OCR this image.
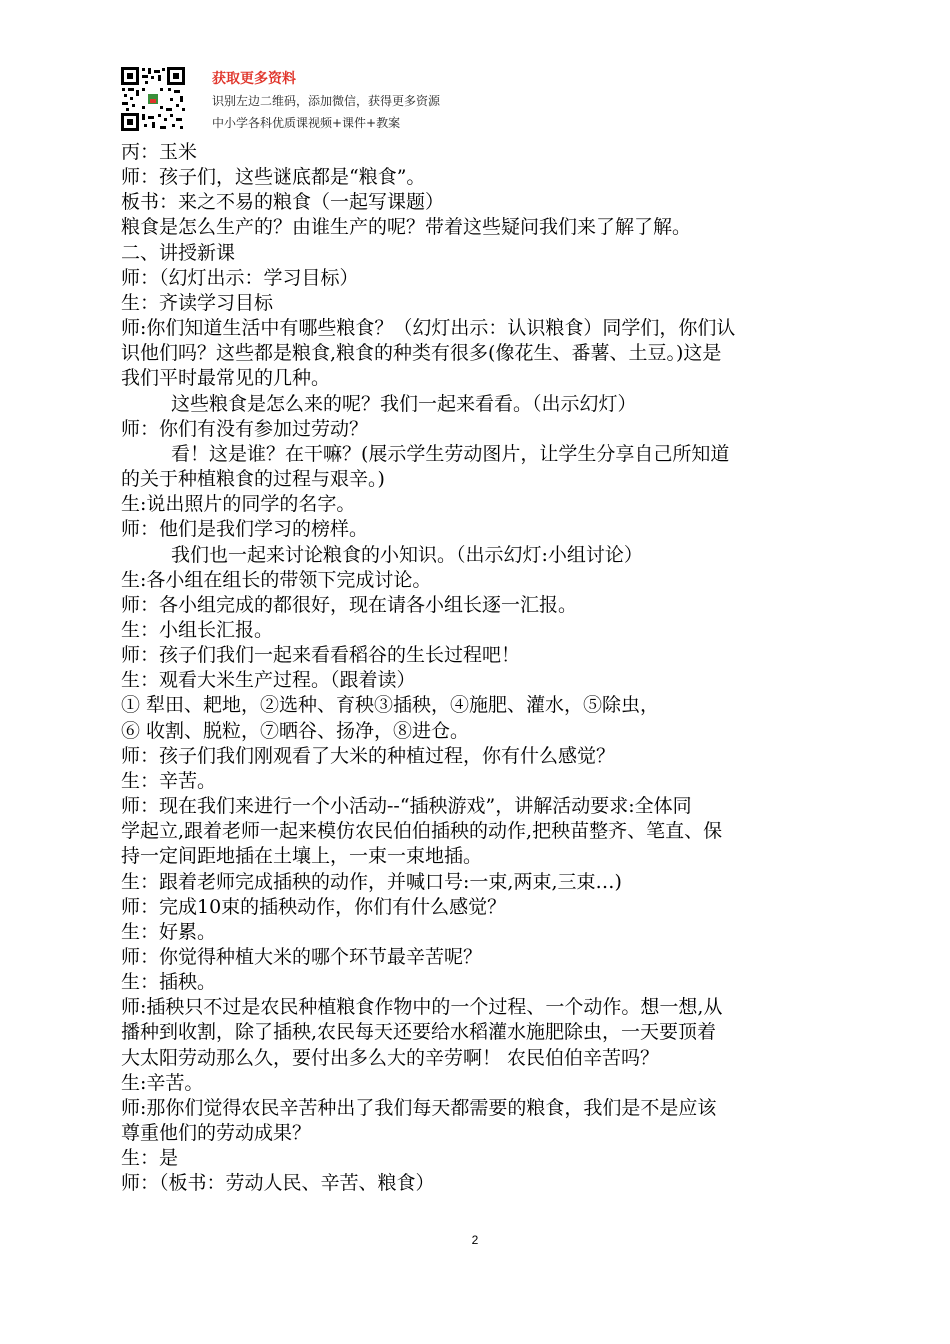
获取更多资料
识别左边二维码，添加微信，获得更多资源
中小学各科优质课视频+课件+教案

丙：玉米

师：孩子们，这些谜底都是“粮食”。

板书：来之不易的粮食（一起写课题）

粮食是怎么生产的？由谁生产的呢？带着这些疑问我们来了解了解。

二、讲授新课

师：（幻灯出示：学习目标）

生：齐读学习目标

师:你们知道生活中有哪些粮食？（幻灯出示：认识粮食）同学们，你们认

识他们吗？这些都是粮食,粮食的种类有很多(像花生、番薯、土豆。)这是

我们平时最常见的几种。

这些粮食是怎么来的呢？我们一起来看看。（出示幻灯）

师：你们有没有参加过劳动？

看！这是谁？在干嘛？(展示学生劳动图片，让学生分享自己所知道

的关于种植粮食的过程与艰辛。)

生:说出照片的同学的名字。

师：他们是我们学习的榜样。

我们也一起来讨论粮食的小知识。（出示幻灯:小组讨论）

生:各小组在组长的带领下完成讨论。

师：各小组完成的都很好，现在请各小组长逐一汇报。

生：小组长汇报。

师：孩子们我们一起来看看稻谷的生长过程吧！

生：观看大米生产过程。（跟着读）

① 犁田、耙地，②选种、育秧③插秧，④施肥、灌水，⑤除虫，

⑥ 收割、脱粒，⑦晒谷、扬净，⑧进仓。

师：孩子们我们刚观看了大米的种植过程，你有什么感觉？

生：辛苦。

师：现在我们来进行一个小活动--“插秧游戏”，讲解活动要求:全体同

学起立,跟着老师一起来模仿农民伯伯插秧的动作,把秧苗整齐、笔直、保

持一定间距地插在土壤上，一束一束地插。

生：跟着老师完成插秧的动作，并喊口号:一束,两束,三束…)

师：完成10束的插秧动作，你们有什么感觉？

生：好累。

师：你觉得种植大米的哪个环节最辛苦呢？

生：插秧。

师:插秧只不过是农民种植粮食作物中的一个过程、一个动作。想一想,从

播种到收割，除了插秧,农民每天还要给水稻灌水施肥除虫，一天要顶着

大太阳劳动那么久，要付出多么大的辛劳啊！ 农民伯伯辛苦吗？

生:辛苦。

师:那你们觉得农民辛苦种出了我们每天都需要的粮食，我们是不是应该

尊重他们的劳动成果？

生：是

师：（板书：劳动人民、辛苦、粮食）

2
